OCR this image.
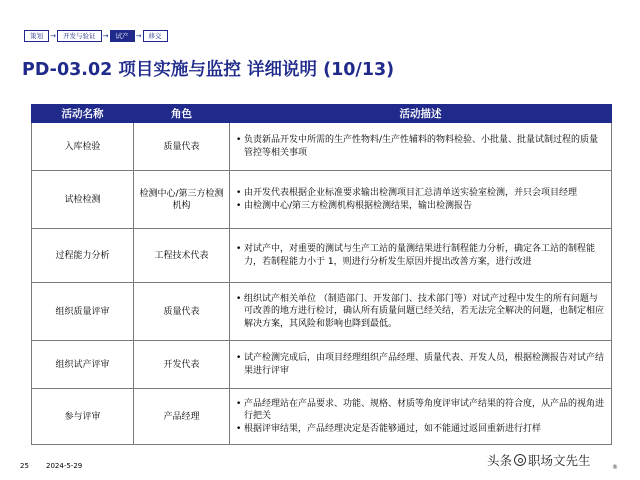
策划	→	开发与验证	→	试产	→	移交
PD-03.02 项目实施与监控 详细说明 (10/13)
活动名称	角色	活动描述
入库检验	质量代表	• 负责新品开发中所需的生产性物料/生产性辅料的物料检验、小批量、批量试制过程的质量管控等相关事项

试检检测	检测中心/第三方检测机构	• 由开发代表根据企业标准要求输出检测项目汇总清单送实验室检测，并只会项目经理
• 由检测中心/第三方检测机构根据检测结果，输出检测报告

过程能力分析	工程技术代表	• 对试产中，对重要的测试与生产工站的量测结果进行制程能力分析，确定各工站的制程能力，若制程能力小于 1，则进行分析发生原因并提出改善方案，进行改进

组织质量评审	质量代表	• 组织试产相关单位 （制造部门、开发部门、技术部门等）对试产过程中发生的所有问题与可改善的地方进行检讨，确认所有质量问题已经关结，若无法完全解决的问题，也制定相应解决方案，其风险和影响也降到最低。

组织试产评审	开发代表	• 试产检测完成后，由项目经理组织产品经理、质量代表、开发人员，根据检测报告对试产结果进行评审

参与评审	产品经理	• 产品经理站在产品要求、功能、规格、材质等角度评审试产结果的符合度，从产品的视角进行把关
• 根据评审结果，产品经理决定是否能够通过，如不能通过返回重新进行打样
25 2024-5-29	头条 职场文先生	®
